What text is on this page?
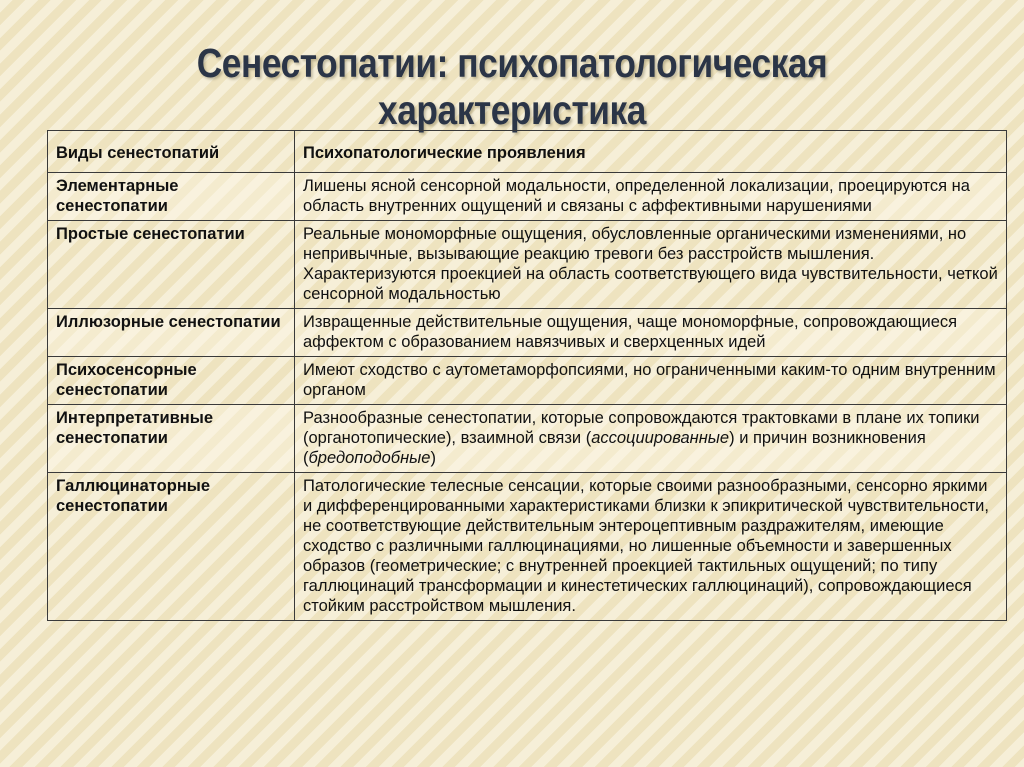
Сенестопатии: психопатологическая характеристика
Виды сенестопатий	Психопатологические проявления
Элементарные сенестопатии	Лишены ясной сенсорной модальности, определенной локализации, проецируются на область внутренних ощущений и связаны с аффективными нарушениями
Простые сенестопатии	Реальные мономорфные ощущения, обусловленные органическими изменениями, но непривычные, вызывающие реакцию тревоги без расстройств мышления. Характеризуются проекцией на область соответствующего вида чувствительности, четкой сенсорной модальностью
Иллюзорные сенестопатии	Извращенные действительные ощущения, чаще мономорфные, сопровождающиеся аффектом с образованием навязчивых и сверхценных идей
Психосенсорные сенестопатии	Имеют сходство с аутометаморфопсиями, но ограниченными каким-то одним внутренним органом
Интерпретативные сенестопатии	Разнообразные сенестопатии, которые сопровождаются трактовками в плане их топики (органотопические), взаимной связи (ассоциированные) и причин возникновения (бредоподобные)
Галлюцинаторные сенестопатии	Патологические телесные сенсации, которые своими разнообразными, сенсорно яркими и дифференцированными характеристиками близки к эпикритической чувствительности, не соответствующие действительным энтероцептивным раздражителям, имеющие сходство с различными галлюцинациями, но лишенные объемности и завершенных образов (геометрические; с внутренней проекцией тактильных ощущений; по типу галлюцинаций трансформации и кинестетических галлюцинаций), сопровождающиеся стойким расстройством мышления.
